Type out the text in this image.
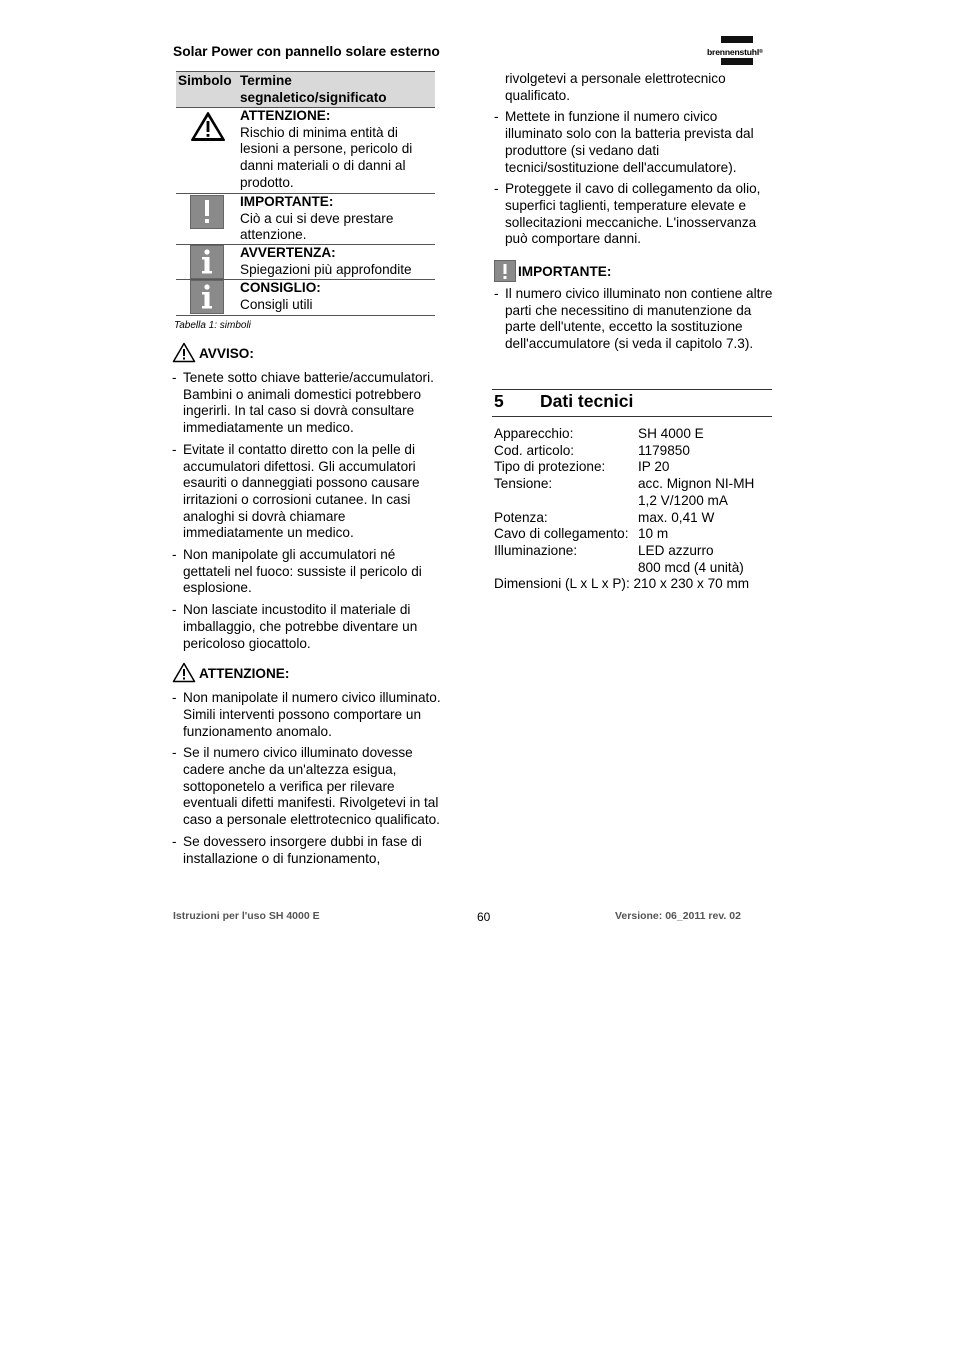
Solar Power con pannello solare esterno	brennenstuhl®
Simbolo Termine segnaletico/significato
ATTENZIONE:
Rischio di minima entità di lesioni a persone, pericolo di danni materiali o di danni al prodotto.
IMPORTANTE:
Ciò a cui si deve prestare attenzione.
AVVERTENZA:
Spiegazioni più approfondite
CONSIGLIO:
Consigli utili
Tabella 1: simboli
AVVISO:
- Tenete sotto chiave batterie/accumulatori. Bambini o animali domestici potrebbero ingerirli. In tal caso si dovrà consultare immediatamente un medico.
- Evitate il contatto diretto con la pelle di accumulatori difettosi. Gli accumulatori esauriti o danneggiati possono causare irritazioni o corrosioni cutanee. In casi analoghi si dovrà chiamare immediatamente un medico.
- Non manipolate gli accumulatori né gettateli nel fuoco: sussiste il pericolo di esplosione.
- Non lasciate incustodito il materiale di imballaggio, che potrebbe diventare un pericoloso giocattolo.
ATTENZIONE:
- Non manipolate il numero civico illuminato. Simili interventi possono comportare un funzionamento anomalo.
- Se il numero civico illuminato dovesse cadere anche da un'altezza esigua, sottoponetelo a verifica per rilevare eventuali difetti manifesti. Rivolgetevi in tal caso a personale elettrotecnico qualificato.
- Se dovessero insorgere dubbi in fase di installazione o di funzionamento,
rivolgetevi a personale elettrotecnico qualificato.
- Mettete in funzione il numero civico illuminato solo con la batteria prevista dal produttore (si vedano dati tecnici/sostituzione dell'accumulatore).
- Proteggete il cavo di collegamento da olio, superfici taglienti, temperature elevate e sollecitazioni meccaniche. L'inosservanza può comportare danni.
IMPORTANTE:
- Il numero civico illuminato non contiene altre parti che necessitino di manutenzione da parte dell'utente, eccetto la sostituzione dell'accumulatore (si veda il capitolo 7.3).
5 Dati tecnici
Apparecchio:	SH 4000 E
Cod. articolo:	1179850
Tipo di protezione: IP 20
Tensione:	acc. Mignon NI-MH
1,2 V/1200 mA
Potenza:	max. 0,41 W
Cavo di collegamento: 10 m
Illuminazione:	LED azzurro
800 mcd (4 unità)
Dimensioni (L x L x P): 210 x 230 x 70 mm
Istruzioni per l'uso SH 4000 E	60	Versione: 06_2011 rev. 02
